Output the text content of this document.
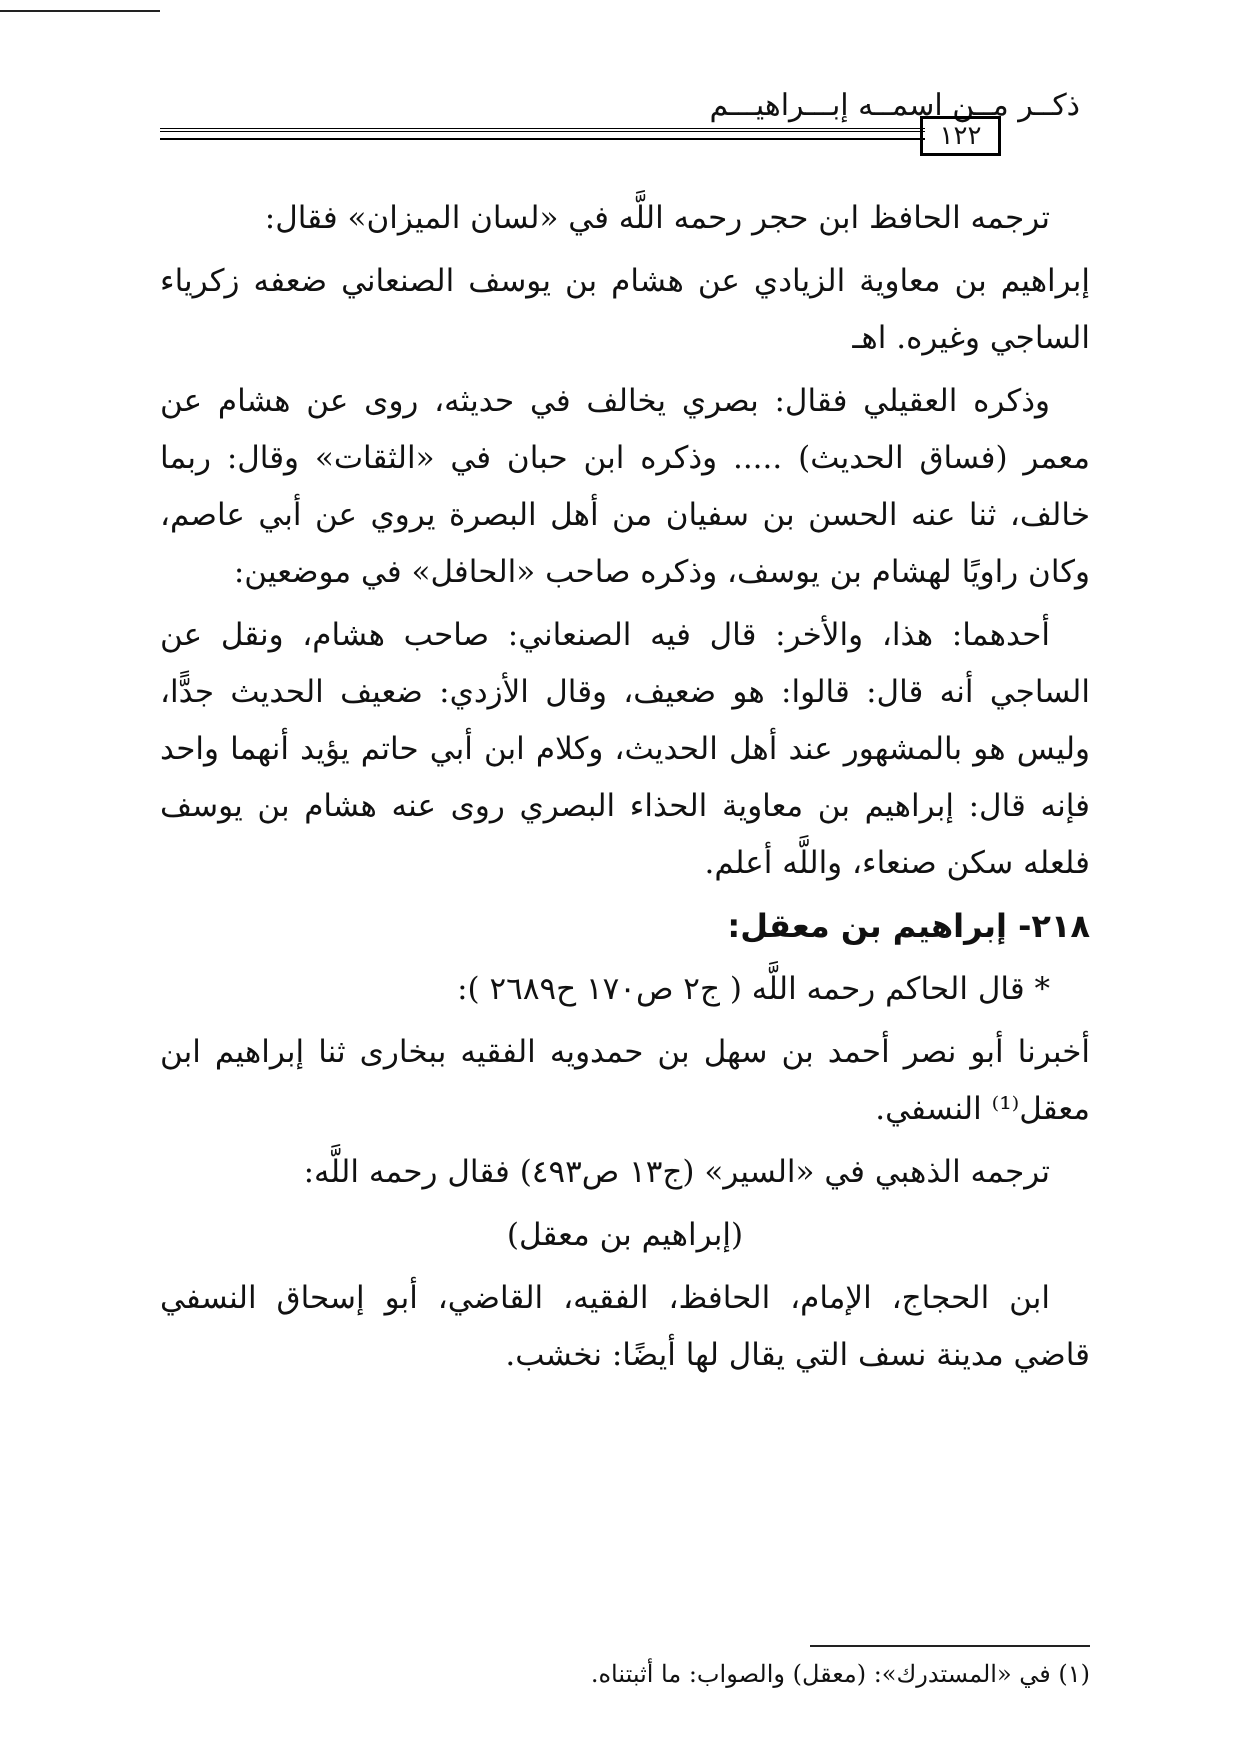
ذكــر مــن اسمــه إبـــراهيـــم
١٢٢

ترجمه الحافظ ابن حجر رحمه اللَّه في «لسان الميزان» فقال:

إبراهيم بن معاوية الزيادي عن هشام بن يوسف الصنعاني ضعفه زكرياء الساجي وغيره. اهـ

وذكره العقيلي فقال: بصري يخالف في حديثه، روى عن هشام عن معمر (فساق الحديث) ..... وذكره ابن حبان في «الثقات» وقال: ربما خالف، ثنا عنه الحسن بن سفيان من أهل البصرة يروي عن أبي عاصم، وكان راويًا لهشام بن يوسف، وذكره صاحب «الحافل» في موضعين:

أحدهما: هذا، والأخر: قال فيه الصنعاني: صاحب هشام، ونقل عن الساجي أنه قال: قالوا: هو ضعيف، وقال الأزدي: ضعيف الحديث جدًّا، وليس هو بالمشهور عند أهل الحديث، وكلام ابن أبي حاتم يؤيد أنهما واحد فإنه قال: إبراهيم بن معاوية الحذاء البصري روى عنه هشام بن يوسف فلعله سكن صنعاء، واللَّه أعلم.

٢١٨- إبراهيم بن معقل:

* قال الحاكم رحمه اللَّه ( ج٢ ص١٧٠ ح٢٦٨٩ ):

أخبرنا أبو نصر أحمد بن سهل بن حمدويه الفقيه ببخارى ثنا إبراهيم ابن معقل⁽¹⁾ النسفي.

ترجمه الذهبي في «السير» (ج١٣ ص٤٩٣) فقال رحمه اللَّه:

(إبراهيم بن معقل)

ابن الحجاج، الإمام، الحافظ، الفقيه، القاضي، أبو إسحاق النسفي قاضي مدينة نسف التي يقال لها أيضًا: نخشب.

(١) في «المستدرك»: (معقل) والصواب: ما أثبتناه.
